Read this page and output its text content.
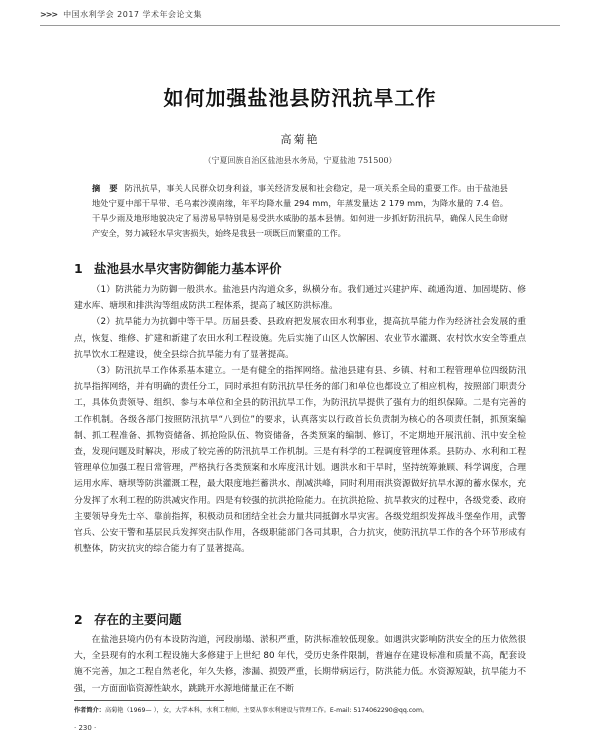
>>> 中国水利学会 2017 学术年会论文集
如何加强盐池县防汛抗旱工作
高菊艳
（宁夏回族自治区盐池县水务局，宁夏盐池 751500）
摘 要 防汛抗旱，事关人民群众切身利益，事关经济发展和社会稳定，是一项关系全局的重要工作。由于盐池县地处宁夏中部干旱带、毛乌素沙漠南缘，年平均降水量 294 mm，年蒸发量达 2 179 mm，为降水量的 7.4 倍。干旱少雨及地形地貌决定了易涝易旱特别是易受洪水威胁的基本县情。如何进一步抓好防汛抗旱，确保人民生命财产安全，努力减轻水旱灾害损失，始终是我县一项既巨而繁重的工作。
1 盐池县水旱灾害防御能力基本评价

（1）防洪能力为防御一般洪水。盐池县内沟道众多，纵横分布。我们通过兴建护库、疏通沟道、加固堤防、修建水库、塘坝和排洪沟等组成防洪工程体系，提高了城区防洪标准。

（2）抗旱能力为抗御中等干旱。历届县委、县政府把发展农田水利事业，提高抗旱能力作为经济社会发展的重点，恢复、维修、扩建和新建了农田水利工程设施。先后实施了山区人饮解困、农业节水灌溉、农村饮水安全等重点抗旱饮水工程建设，使全县综合抗旱能力有了显著提高。

（3）防汛抗旱工作体系基本建立。一是有健全的指挥网络。盐池县建有县、乡镇、村和工程管理单位四级防汛抗旱指挥网络，并有明确的责任分工，同时承担有防汛抗旱任务的部门和单位也都设立了相应机构，按照部门职责分工，具体负责领导、组织、参与本单位和全县的防汛抗旱工作，为防汛抗旱提供了强有力的组织保障。二是有完善的工作机制。各级各部门按照防汛抗旱“八到位”的要求，认真落实以行政首长负责制为核心的各项责任制，抓预案编制、抓工程准备、抓物资储备、抓抢险队伍、物资储备，各类预案的编制、修订，不定期地开展汛前、汛中安全检查，发现问题及时解决，形成了较完善的防汛抗旱工作机制。三是有科学的工程调度管理体系。县防办、水利和工程管理单位加强工程日常管理，严格执行各类预案和水库度汛计划。遇洪水和干旱时，坚持统筹兼顾、科学调度，合理运用水库、塘坝等防洪灌溉工程，最大限度地拦蓄洪水、削减洪峰，同时利用雨洪资源做好抗旱水源的蓄水保水，充分发挥了水利工程的防洪减灾作用。四是有较强的抗洪抢险能力。在抗洪抢险、抗旱救灾的过程中，各级党委、政府主要领导身先士卒、靠前指挥，积极动员和团结全社会力量共同抵御水旱灾害。各级党组织发挥战斗堡垒作用，武警官兵、公安干警和基层民兵发挥突击队作用，各级职能部门各司其职，合力抗灾，使防汛抗旱工作的各个环节形成有机整体，防灾抗灾的综合能力有了显著提高。

2 存在的主要问题

在盐池县境内仍有本设防沟道，河段崩塌、淤积严重，防洪标准较低现象。如遇洪灾影响防洪安全的压力依然很大，全县现有的水利工程设施大多修建于上世纪 80 年代，受历史条件限制，普遍存在建设标准和质量不高，配套设施不完善，加之工程自然老化，年久失修，渗漏、损毁严重，长期带病运行，防洪能力低。水资源短缺，抗旱能力不强，一方面面临资源性缺水，跳跳开水源地储量正在不断

作者简介：高菊艳（1969— ），女，大学本科，水利工程师，主要从事水利建设与管理工作。E-mail: 5174062290@qq.com。
· 230 ·
